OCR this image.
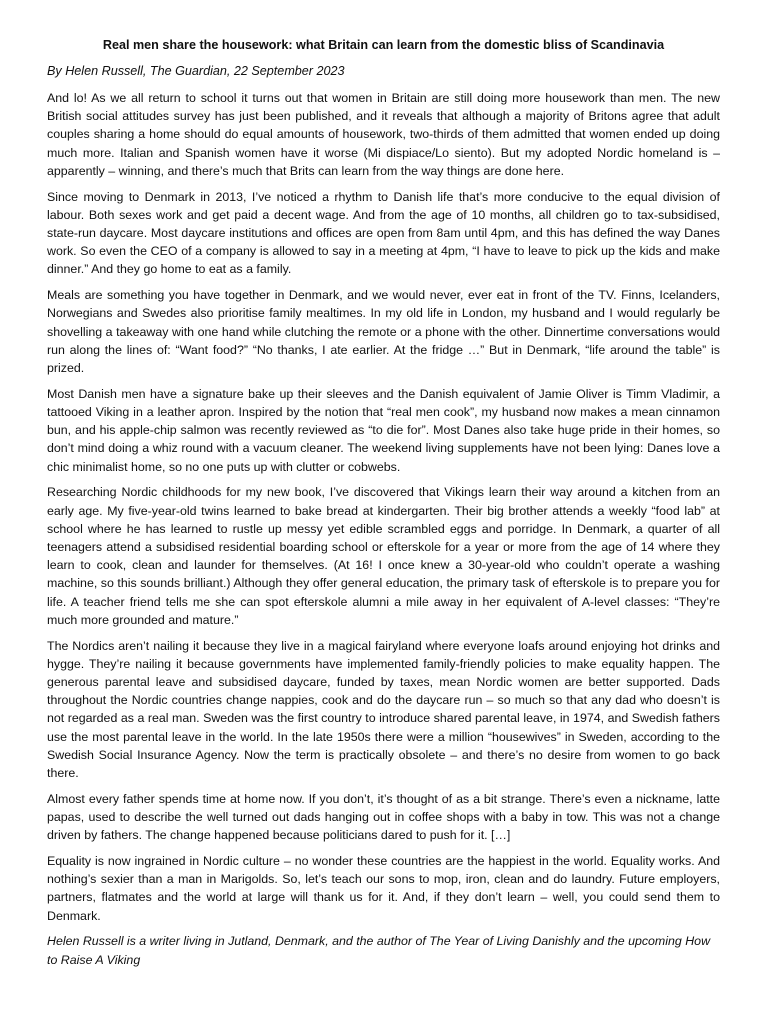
Real men share the housework: what Britain can learn from the domestic bliss of Scandinavia

By Helen Russell, The Guardian, 22 September 2023

And lo! As we all return to school it turns out that women in Britain are still doing more housework than men. The new British social attitudes survey has just been published, and it reveals that although a majority of Britons agree that adult couples sharing a home should do equal amounts of housework, two-thirds of them admitted that women ended up doing much more. Italian and Spanish women have it worse (Mi dispiace/Lo siento). But my adopted Nordic homeland is – apparently – winning, and there’s much that Brits can learn from the way things are done here.

Since moving to Denmark in 2013, I’ve noticed a rhythm to Danish life that’s more conducive to the equal division of labour. Both sexes work and get paid a decent wage. And from the age of 10 months, all children go to tax-subsidised, state-run daycare. Most daycare institutions and offices are open from 8am until 4pm, and this has defined the way Danes work. So even the CEO of a company is allowed to say in a meeting at 4pm, “I have to leave to pick up the kids and make dinner.” And they go home to eat as a family.

Meals are something you have together in Denmark, and we would never, ever eat in front of the TV. Finns, Icelanders, Norwegians and Swedes also prioritise family mealtimes. In my old life in London, my husband and I would regularly be shovelling a takeaway with one hand while clutching the remote or a phone with the other. Dinnertime conversations would run along the lines of: “Want food?” “No thanks, I ate earlier. At the fridge …” But in Denmark, “life around the table” is prized.

Most Danish men have a signature bake up their sleeves and the Danish equivalent of Jamie Oliver is Timm Vladimir, a tattooed Viking in a leather apron. Inspired by the notion that “real men cook”, my husband now makes a mean cinnamon bun, and his apple-chip salmon was recently reviewed as “to die for”. Most Danes also take huge pride in their homes, so don’t mind doing a whiz round with a vacuum cleaner. The weekend living supplements have not been lying: Danes love a chic minimalist home, so no one puts up with clutter or cobwebs.

Researching Nordic childhoods for my new book, I’ve discovered that Vikings learn their way around a kitchen from an early age. My five-year-old twins learned to bake bread at kindergarten. Their big brother attends a weekly “food lab” at school where he has learned to rustle up messy yet edible scrambled eggs and porridge. In Denmark, a quarter of all teenagers attend a subsidised residential boarding school or efterskole for a year or more from the age of 14 where they learn to cook, clean and launder for themselves. (At 16! I once knew a 30-year-old who couldn’t operate a washing machine, so this sounds brilliant.) Although they offer general education, the primary task of efterskole is to prepare you for life. A teacher friend tells me she can spot efterskole alumni a mile away in her equivalent of A-level classes: “They’re much more grounded and mature.”

The Nordics aren’t nailing it because they live in a magical fairyland where everyone loafs around enjoying hot drinks and hygge. They’re nailing it because governments have implemented family-friendly policies to make equality happen. The generous parental leave and subsidised daycare, funded by taxes, mean Nordic women are better supported. Dads throughout the Nordic countries change nappies, cook and do the daycare run – so much so that any dad who doesn’t is not regarded as a real man. Sweden was the first country to introduce shared parental leave, in 1974, and Swedish fathers use the most parental leave in the world. In the late 1950s there were a million “housewives” in Sweden, according to the Swedish Social Insurance Agency. Now the term is practically obsolete – and there’s no desire from women to go back there.

Almost every father spends time at home now. If you don’t, it’s thought of as a bit strange. There’s even a nickname, latte papas, used to describe the well turned out dads hanging out in coffee shops with a baby in tow. This was not a change driven by fathers. The change happened because politicians dared to push for it. […]

Equality is now ingrained in Nordic culture – no wonder these countries are the happiest in the world. Equality works. And nothing’s sexier than a man in Marigolds. So, let’s teach our sons to mop, iron, clean and do laundry. Future employers, partners, flatmates and the world at large will thank us for it. And, if they don’t learn – well, you could send them to Denmark.

Helen Russell is a writer living in Jutland, Denmark, and the author of The Year of Living Danishly and the upcoming How to Raise A Viking
